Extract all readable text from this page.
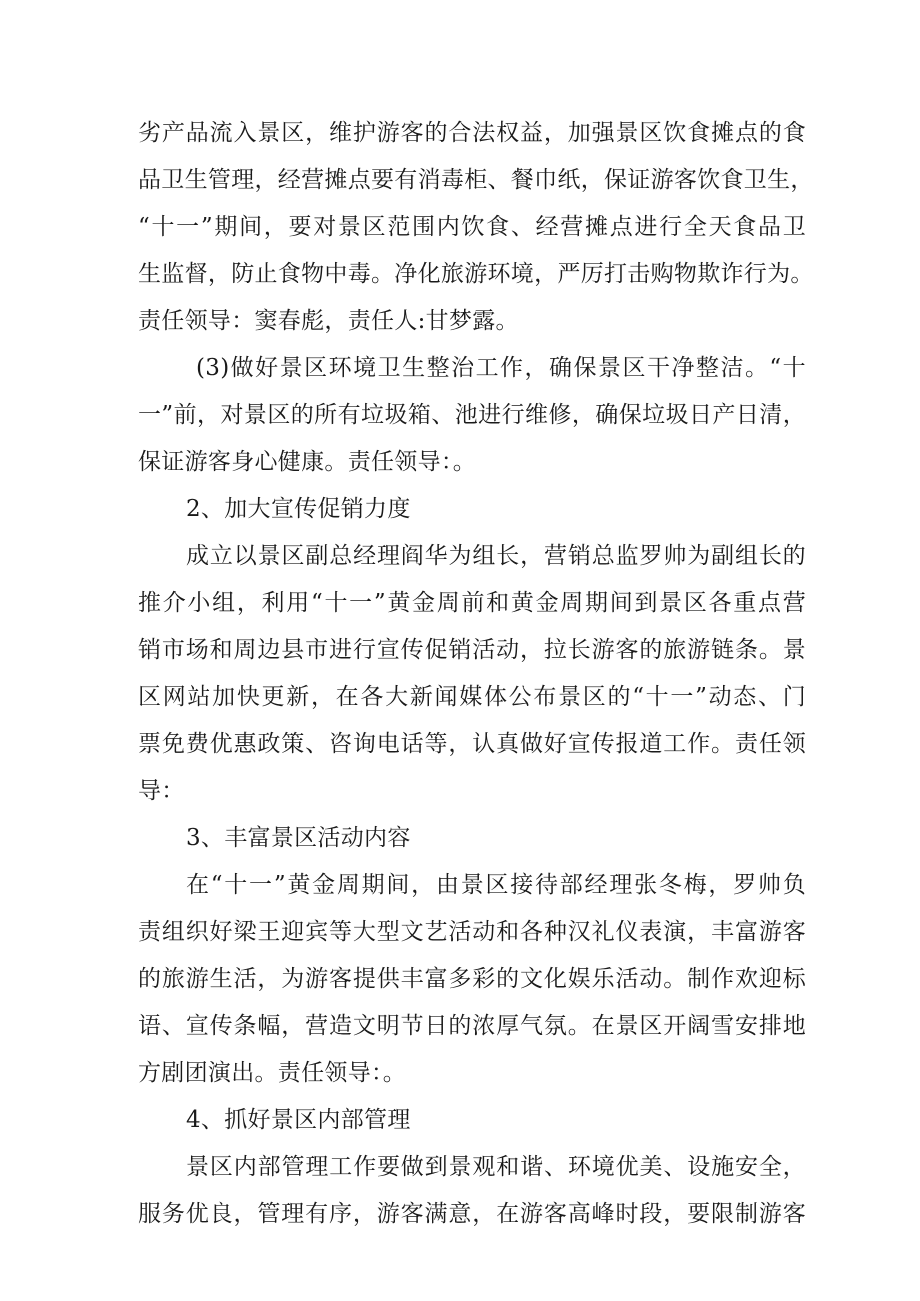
劣产品流入景区，维护游客的合法权益，加强景区饮食摊点的食
品卫生管理，经营摊点要有消毒柜、餐巾纸，保证游客饮食卫生，
“十一”期间，要对景区范围内饮食、经营摊点进行全天食品卫
生监督，防止食物中毒。净化旅游环境，严厉打击购物欺诈行为。
责任领导：窦春彪，责任人:甘梦露。
(3)做好景区环境卫生整治工作，确保景区干净整洁。“十
一”前，对景区的所有垃圾箱、池进行维修，确保垃圾日产日清，
保证游客身心健康。责任领导：。
2、加大宣传促销力度
成立以景区副总经理阎华为组长，营销总监罗帅为副组长的
推介小组，利用“十一”黄金周前和黄金周期间到景区各重点营
销市场和周边县市进行宣传促销活动，拉长游客的旅游链条。景
区网站加快更新，在各大新闻媒体公布景区的“十一”动态、门
票免费优惠政策、咨询电话等，认真做好宣传报道工作。责任领
导：
3、丰富景区活动内容
在“十一”黄金周期间，由景区接待部经理张冬梅，罗帅负
责组织好梁王迎宾等大型文艺活动和各种汉礼仪表演，丰富游客
的旅游生活，为游客提供丰富多彩的文化娱乐活动。制作欢迎标
语、宣传条幅，营造文明节日的浓厚气氛。在景区开阔雪安排地
方剧团演出。责任领导：。
4、抓好景区内部管理
景区内部管理工作要做到景观和谐、环境优美、设施安全，
服务优良，管理有序，游客满意，在游客高峰时段，要限制游客
